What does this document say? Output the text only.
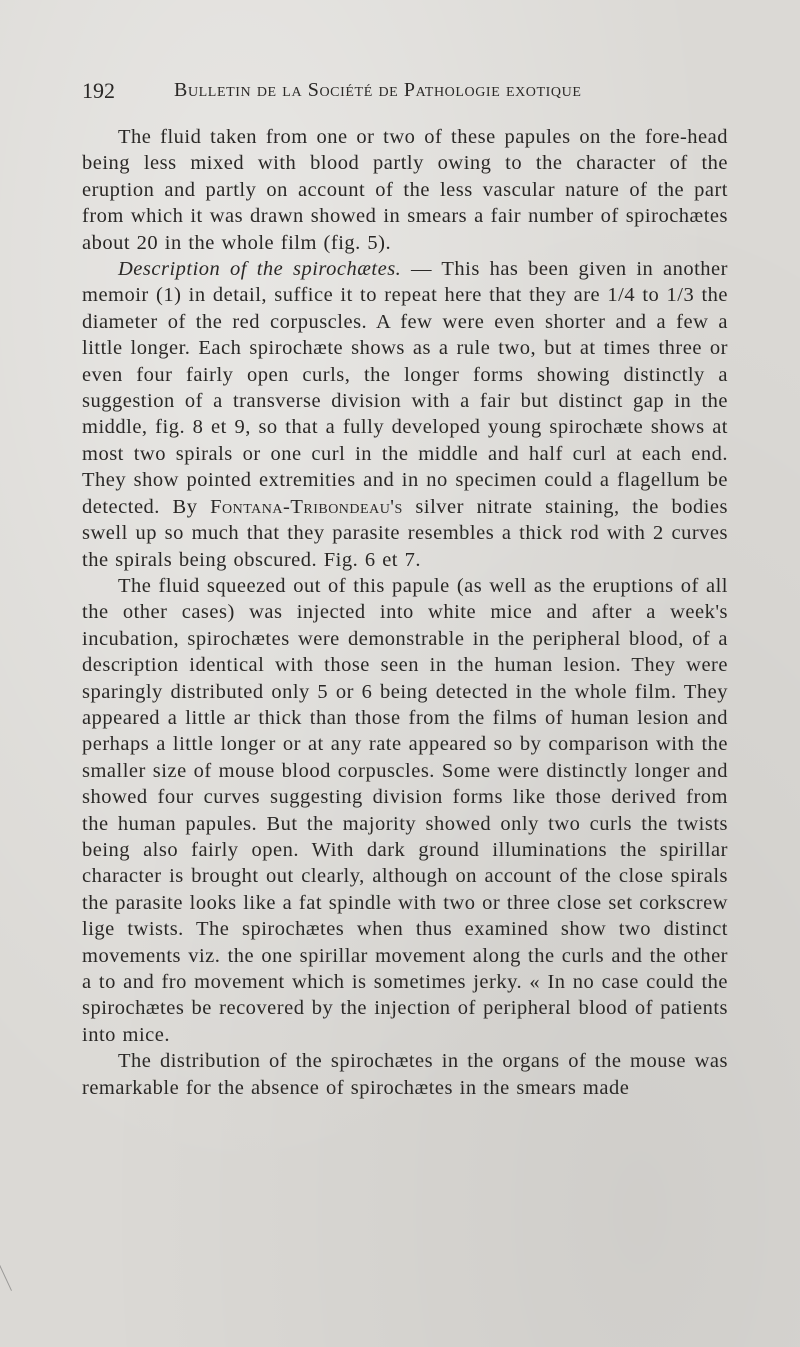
192	Bulletin de la Société de Pathologie exotique

The fluid taken from one or two of these papules on the fore-head being less mixed with blood partly owing to the character of the eruption and partly on account of the less vascular nature of the part from which it was drawn showed in smears a fair number of spirochætes about 20 in the whole film (fig. 5).

Description of the spirochætes. — This has been given in another memoir (1) in detail, suffice it to repeat here that they are 1/4 to 1/3 the diameter of the red corpuscles. A few were even shorter and a few a little longer. Each spirochæte shows as a rule two, but at times three or even four fairly open curls, the longer forms showing distinctly a suggestion of a transverse division with a fair but distinct gap in the middle, fig. 8 et 9, so that a fully developed young spirochæte shows at most two spirals or one curl in the middle and half curl at each end. They show pointed extremities and in no specimen could a flagellum be detected. By Fontana-Tribondeau's silver nitrate staining, the bodies swell up so much that they parasite resembles a thick rod with 2 curves the spirals being obscured. Fig. 6 et 7.

The fluid squeezed out of this papule (as well as the eruptions of all the other cases) was injected into white mice and after a week's incubation, spirochætes were demonstrable in the peripheral blood, of a description identical with those seen in the human lesion. They were sparingly distributed only 5 or 6 being detected in the whole film. They appeared a little ar thick than those from the films of human lesion and perhaps a little longer or at any rate appeared so by comparison with the smaller size of mouse blood corpuscles. Some were distinctly longer and showed four curves suggesting division forms like those derived from the human papules. But the majority showed only two curls the twists being also fairly open. With dark ground illuminations the spirillar character is brought out clearly, although on account of the close spirals the parasite looks like a fat spindle with two or three close set corkscrew lige twists. The spirochætes when thus examined show two distinct movements viz. the one spirillar movement along the curls and the other a to and fro movement which is sometimes jerky. « In no case could the spirochætes be recovered by the injection of peripheral blood of patients into mice.

The distribution of the spirochætes in the organs of the mouse was remarkable for the absence of spirochætes in the smears made
